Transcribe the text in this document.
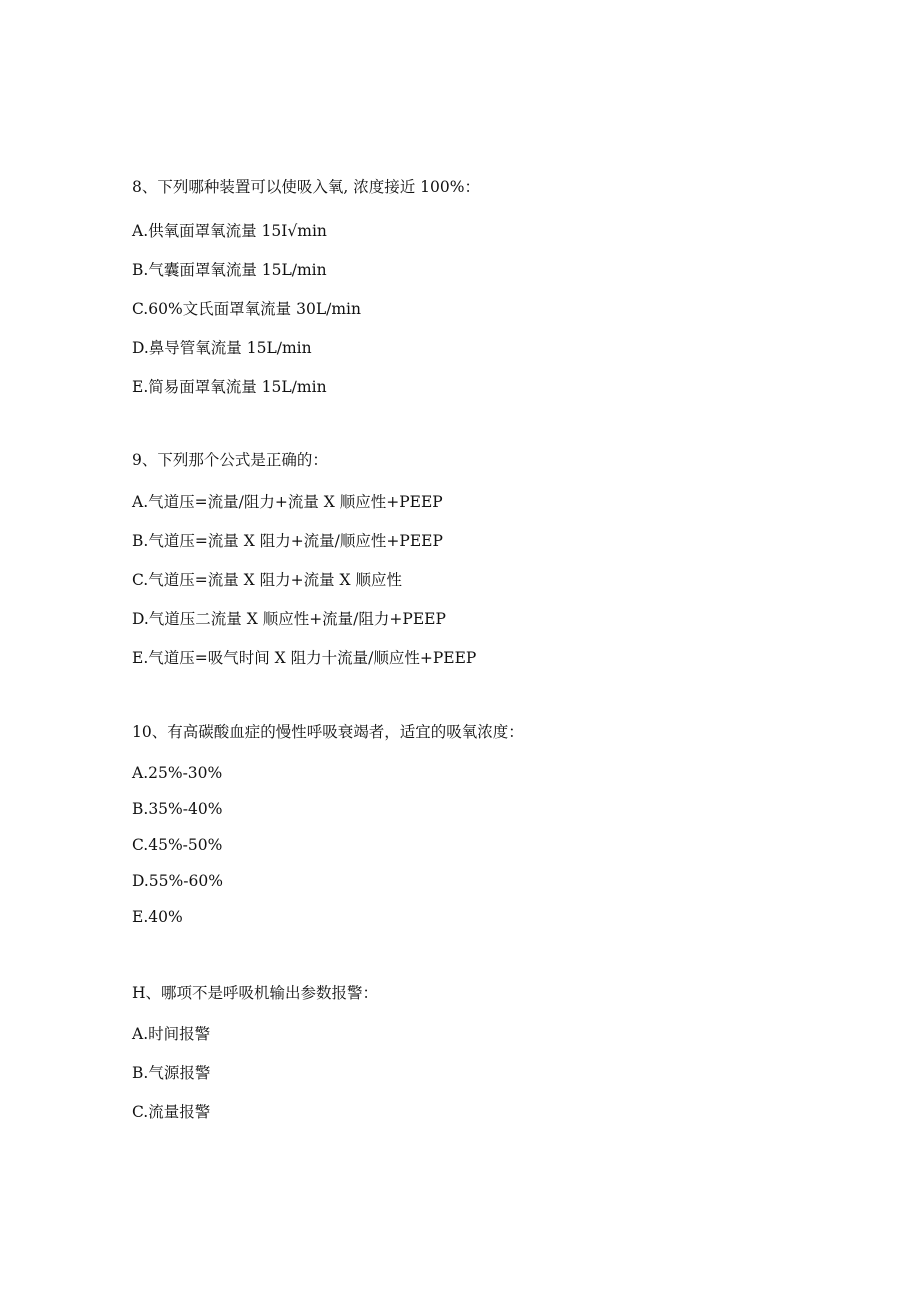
8、下列哪种装置可以使吸入氧, 浓度接近 100%：
A.供氧面罩氧流量 15I√min
B.气囊面罩氧流量 15L∕min
C.60%文氏面罩氧流量 30L∕min
D.鼻导管氧流量 15L∕min
E.简易面罩氧流量 15L∕min
9、下列那个公式是正确的：
A.气道压=流量/阻力+流量 X 顺应性+PEEP
B.气道压=流量 X 阻力+流量/顺应性+PEEP
C.气道压=流量 X 阻力+流量 X 顺应性
D.气道压二流量 X 顺应性+流量/阻力+PEEP
E.气道压=吸气时间 X 阻力十流量/顺应性+PEEP
10、有高碳酸血症的慢性呼吸衰竭者，适宜的吸氧浓度：
A.25%-30%
B.35%-40%
C.45%-50%
D.55%-60%
E.40%
H、哪项不是呼吸机输出参数报警：
A.时间报警
B.气源报警
C.流量报警
